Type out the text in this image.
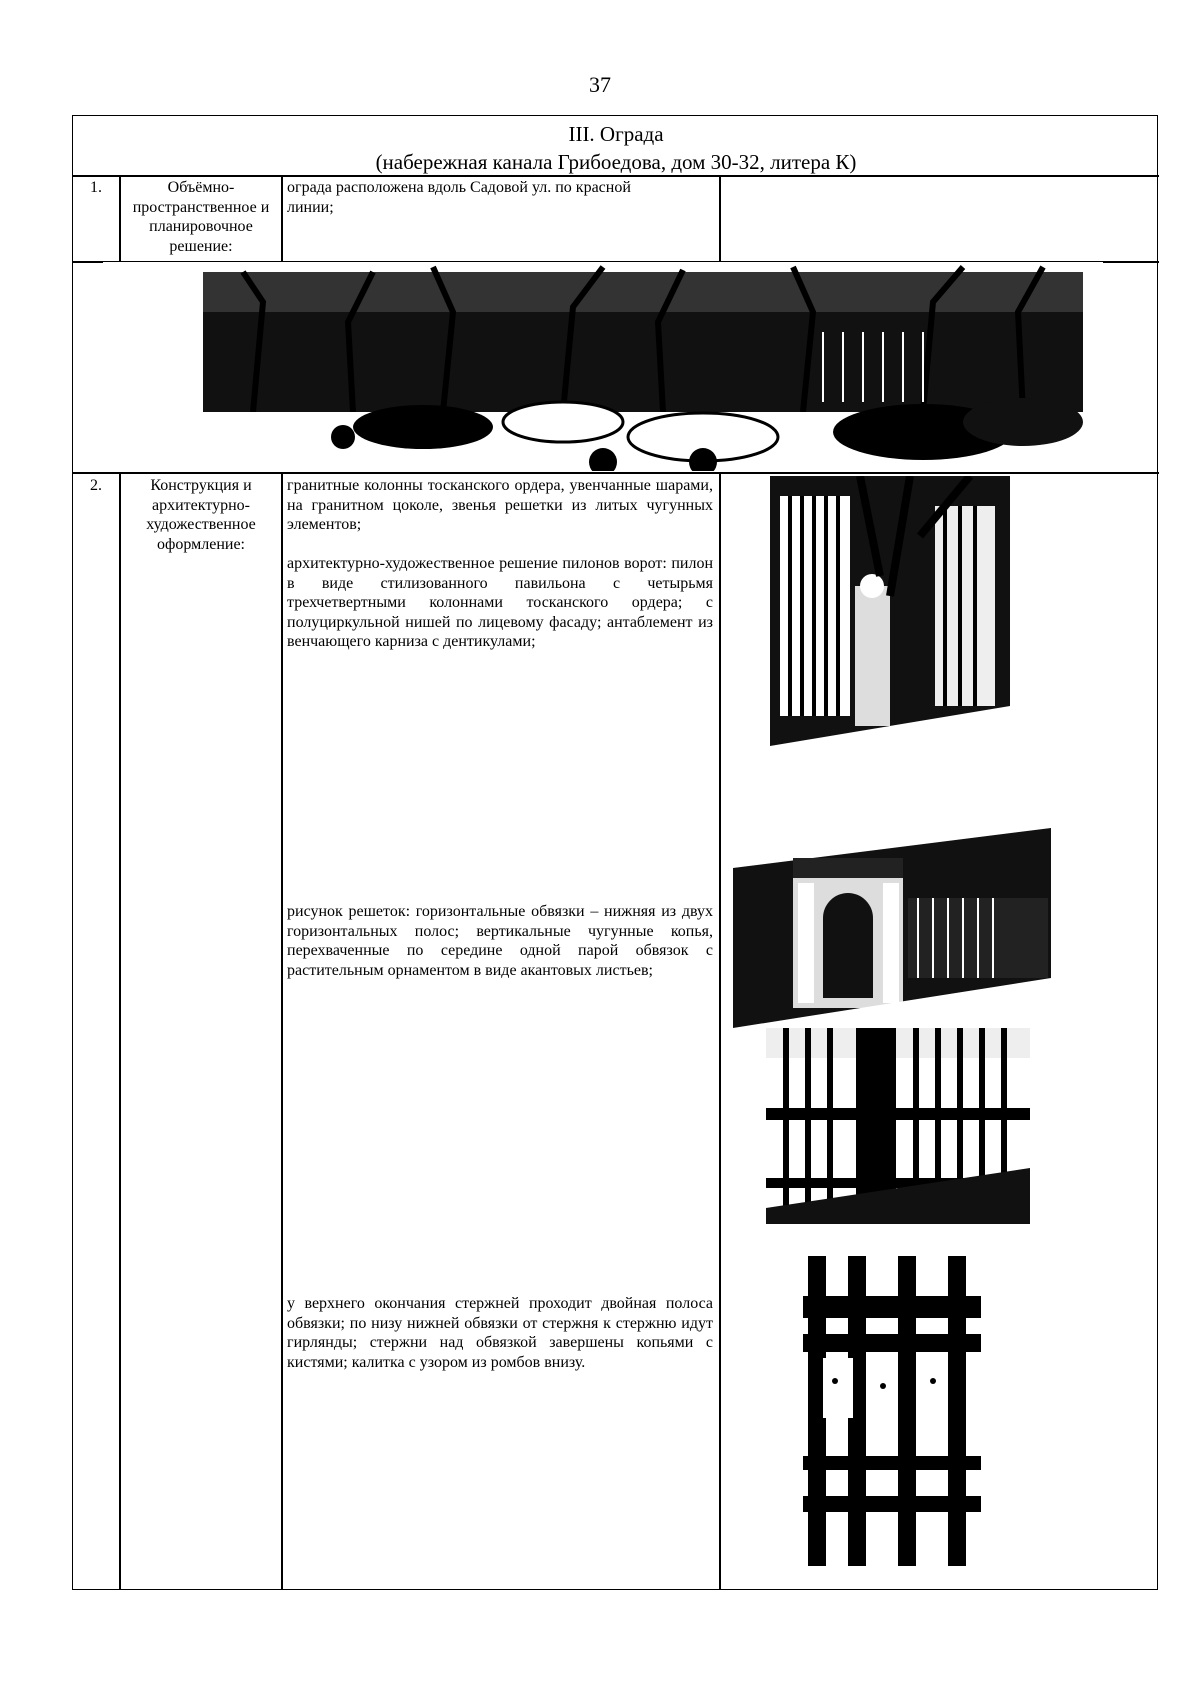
37
III. Ограда
(набережная канала Грибоедова, дом 30-32, литера К)
1.	Объёмно-пространственное и планировочное решение:
ограда расположена вдоль Садовой ул. по красной линии;
2.	Конструкция и архитектурно-художественное оформление:

гранитные колонны тосканского ордера, увенчанные шарами, на гранитном цоколе, звенья решетки из литых чугунных элементов;

архитектурно-художественное решение пилонов ворот: пилон в виде стилизованного павильона с четырьмя трехчетвертными колоннами тосканского ордера; с полуциркульной нишей по лицевому фасаду; антаблемент из венчающего карниза с дентикулами;

рисунок решеток: горизонтальные обвязки – нижняя из двух горизонтальных полос; вертикальные чугунные копья, перехваченные по середине одной парой обвязок с растительным орнаментом в виде акантовых листьев;

у верхнего окончания стержней проходит двойная полоса обвязки; по низу нижней обвязки от стержня к стержню идут гирлянды; стержни над обвязкой завершены копьями с кистями; калитка с узором из ромбов внизу.
